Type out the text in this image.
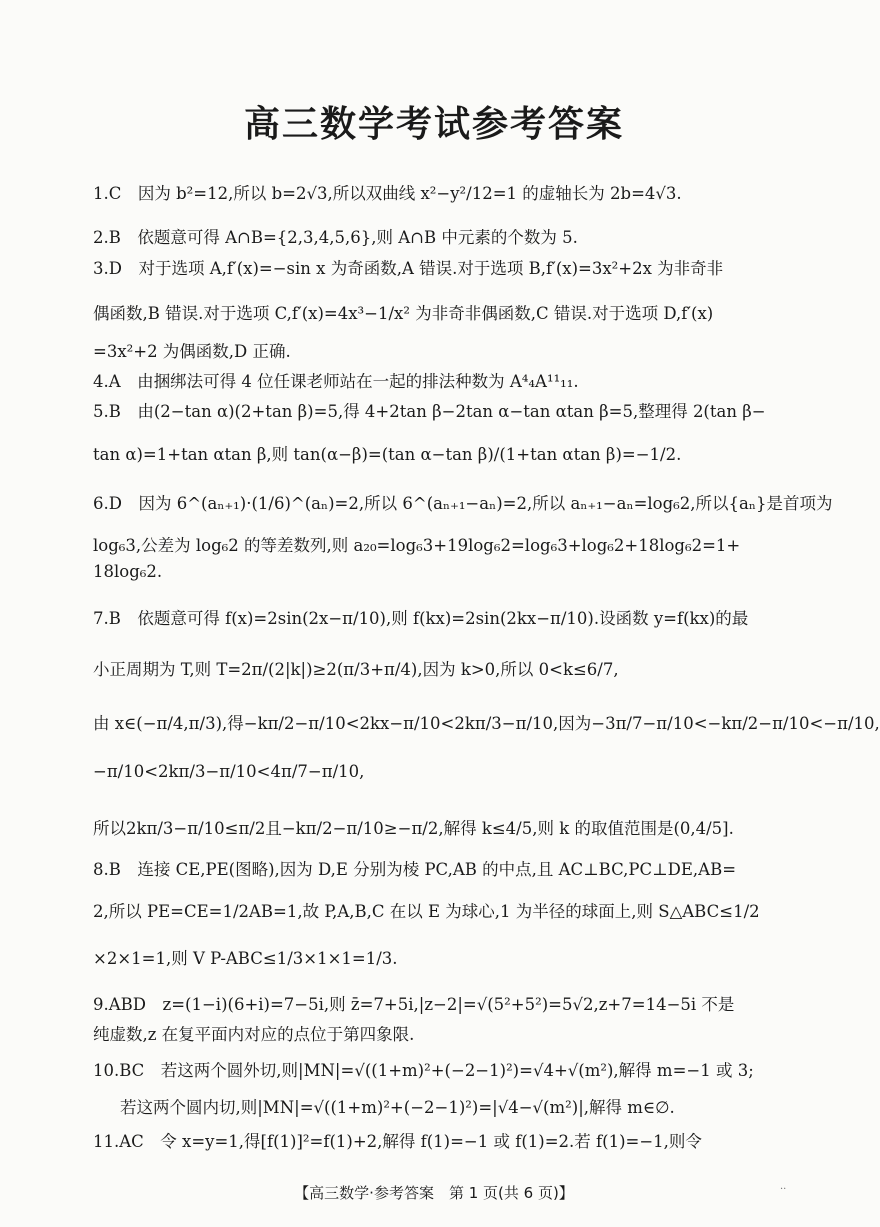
高三数学考试参考答案
1.C　因为 b²=12,所以 b=2√3,所以双曲线 x²−y²/12=1 的虚轴长为 2b=4√3.
2.B　依题意可得 A∩B={2,3,4,5,6},则 A∩B 中元素的个数为 5.
3.D　对于选项 A,f′(x)=−sin x 为奇函数,A 错误.对于选项 B,f′(x)=3x²+2x 为非奇非
偶函数,B 错误.对于选项 C,f′(x)=4x³−1/x² 为非奇非偶函数,C 错误.对于选项 D,f′(x)
=3x²+2 为偶函数,D 正确.
4.A　由捆绑法可得 4 位任课老师站在一起的排法种数为 A⁴₄A¹¹₁₁.
5.B　由(2−tan α)(2+tan β)=5,得 4+2tan β−2tan α−tan αtan β=5,整理得 2(tan β−
tan α)=1+tan αtan β,则 tan(α−β)=(tan α−tan β)/(1+tan αtan β)=−1/2.
6.D　因为 6^(aₙ₊₁)·(1/6)^(aₙ)=2,所以 6^(aₙ₊₁−aₙ)=2,所以 aₙ₊₁−aₙ=log₆2,所以{aₙ}是首项为
log₆3,公差为 log₆2 的等差数列,则 a₂₀=log₆3+19log₆2=log₆3+log₆2+18log₆2=1+
18log₆2.
7.B　依题意可得 f(x)=2sin(2x−π/10),则 f(kx)=2sin(2kx−π/10).设函数 y=f(kx)的最
小正周期为 T,则 T=2π/(2|k|)≥2(π/3+π/4),因为 k>0,所以 0<k≤6/7,
由 x∈(−π/4,π/3),得−kπ/2−π/10<2kx−π/10<2kπ/3−π/10,因为−3π/7−π/10<−kπ/2−π/10<−π/10,
−π/10<2kπ/3−π/10<4π/7−π/10,
所以2kπ/3−π/10≤π/2且−kπ/2−π/10≥−π/2,解得 k≤4/5,则 k 的取值范围是(0,4/5].
8.B　连接 CE,PE(图略),因为 D,E 分别为棱 PC,AB 的中点,且 AC⊥BC,PC⊥DE,AB=
2,所以 PE=CE=1/2AB=1,故 P,A,B,C 在以 E 为球心,1 为半径的球面上,则 S△ABC≤1/2
×2×1=1,则 V P-ABC≤1/3×1×1=1/3.
9.ABD　z=(1−i)(6+i)=7−5i,则 z̄=7+5i,|z−2|=√(5²+5²)=5√2,z+7=14−5i 不是
纯虚数,z 在复平面内对应的点位于第四象限.
10.BC　若这两个圆外切,则|MN|=√((1+m)²+(−2−1)²)=√4+√(m²),解得 m=−1 或 3;
若这两个圆内切,则|MN|=√((1+m)²+(−2−1)²)=|√4−√(m²)|,解得 m∈∅.
11.AC　令 x=y=1,得[f(1)]²=f(1)+2,解得 f(1)=−1 或 f(1)=2.若 f(1)=−1,则令
【高三数学·参考答案　第 1 页(共 6 页)】	··
